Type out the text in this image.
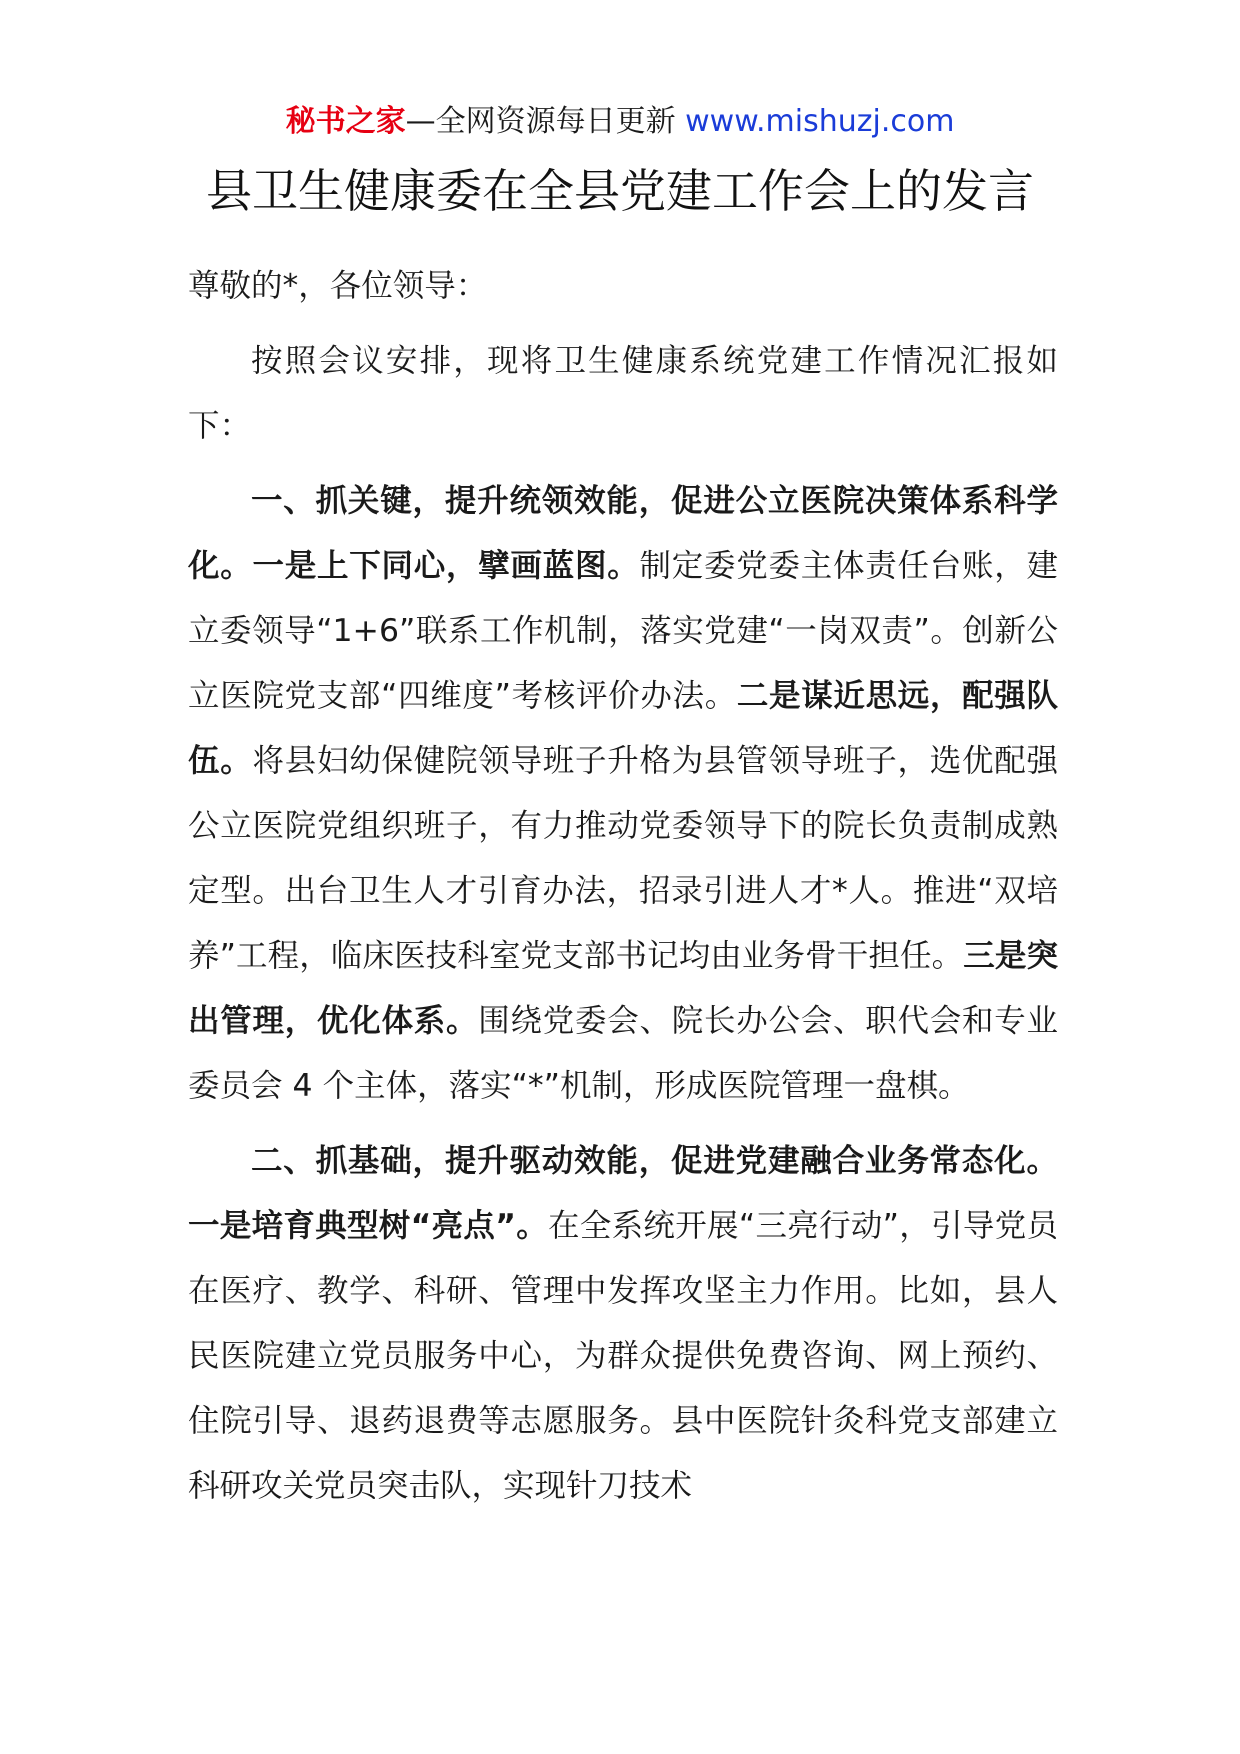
秘书之家—全网资源每日更新 www.mishuzj.com
县卫生健康委在全县党建工作会上的发言

尊敬的*，各位领导：

按照会议安排，现将卫生健康系统党建工作情况汇报如下：

一、抓关键，提升统领效能，促进公立医院决策体系科学化。一是上下同心，擘画蓝图。制定委党委主体责任台账，建立委领导“1+6”联系工作机制，落实党建“一岗双责”。创新公立医院党支部“四维度”考核评价办法。二是谋近思远，配强队伍。将县妇幼保健院领导班子升格为县管领导班子，选优配强公立医院党组织班子，有力推动党委领导下的院长负责制成熟定型。出台卫生人才引育办法，招录引进人才*人。推进“双培养”工程，临床医技科室党支部书记均由业务骨干担任。三是突出管理，优化体系。围绕党委会、院长办公会、职代会和专业委员会 4 个主体，落实“*”机制，形成医院管理一盘棋。

二、抓基础，提升驱动效能，促进党建融合业务常态化。一是培育典型树“亮点”。在全系统开展“三亮行动”，引导党员在医疗、教学、科研、管理中发挥攻坚主力作用。比如，县人民医院建立党员服务中心，为群众提供免费咨询、网上预约、住院引导、退药退费等志愿服务。县中医院针灸科党支部建立科研攻关党员突击队，实现针刀技术
